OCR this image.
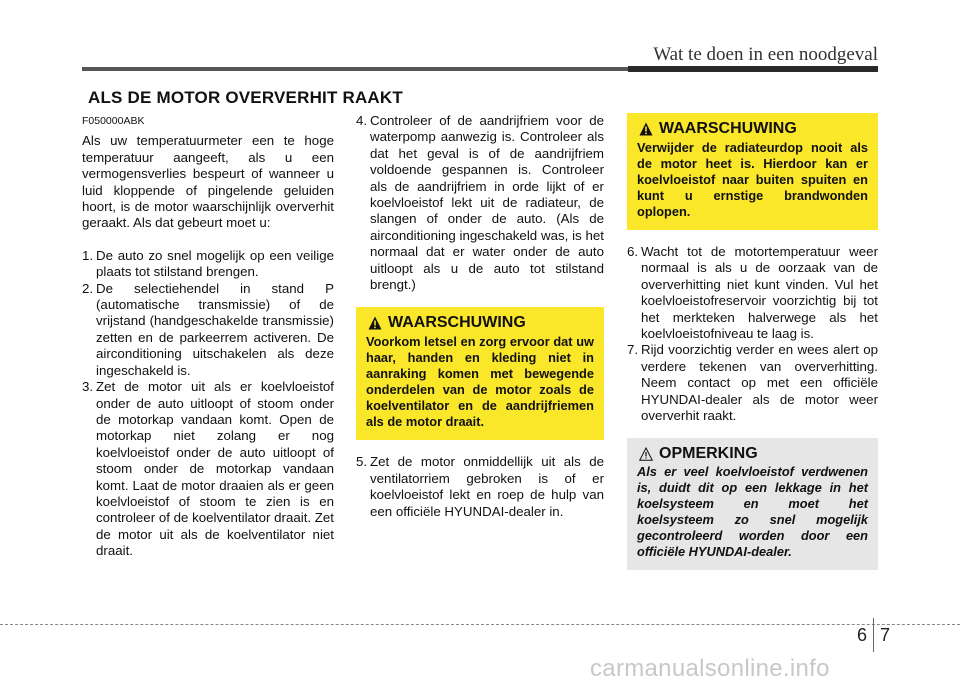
Wat te doen in een noodgeval
ALS DE MOTOR OVERVERHIT RAAKT
F050000ABK

Als uw temperatuurmeter een te hoge temperatuur aangeeft, als u een vermogensverlies bespeurt of wanneer u luid kloppende of pingelende geluiden hoort, is de motor waarschijnlijk oververhit geraakt. Als dat gebeurt moet u:

1. De auto zo snel mogelijk op een veilige plaats tot stilstand brengen.
2. De selectiehendel in stand P (automatische transmissie) of de vrijstand (handgeschakelde transmissie) zetten en de parkeerrem activeren. De airconditioning uitschakelen als deze ingeschakeld is.
3. Zet de motor uit als er koelvloeistof onder de auto uitloopt of stoom onder de motorkap vandaan komt. Open de motorkap niet zolang er nog koelvloeistof onder de auto uitloopt of stoom onder de motorkap vandaan komt. Laat de motor draaien als er geen koelvloeistof of stoom te zien is en controleer of de koelventilator draait. Zet de motor uit als de koelventilator niet draait.
4. Controleer of de aandrijfriem voor de waterpomp aanwezig is. Controleer als dat het geval is of de aandrijfriem voldoende gespannen is. Controleer als de aandrijfriem in orde lijkt of er koelvloeistof lekt uit de radiateur, de slangen of onder de auto. (Als de airconditioning ingeschakeld was, is het normaal dat er water onder de auto uitloopt als u de auto tot stilstand brengt.)
WAARSCHUWING
Voorkom letsel en zorg ervoor dat uw haar, handen en kleding niet in aanraking komen met bewegende onderdelen van de motor zoals de koelventilator en de aandrijfriemen als de motor draait.
5. Zet de motor onmiddellijk uit als de ventilatorriem gebroken is of er koelvloeistof lekt en roep de hulp van een officiële HYUNDAI-dealer in.
WAARSCHUWING
Verwijder de radiateurdop nooit als de motor heet is. Hierdoor kan er koelvloeistof naar buiten spuiten en kunt u ernstige brandwonden oplopen.
6. Wacht tot de motortemperatuur weer normaal is als u de oorzaak van de oververhitting niet kunt vinden. Vul het koelvloeistofreservoir voorzichtig bij tot het merkteken halverwege als het koelvloeistofniveau te laag is.
7. Rijd voorzichtig verder en wees alert op verdere tekenen van oververhitting. Neem contact op met een officiële HYUNDAI-dealer als de motor weer oververhit raakt.
OPMERKING
Als er veel koelvloeistof verdwenen is, duidt dit op een lekkage in het koelsysteem en moet het koelsysteem zo snel mogelijk gecontroleerd worden door een officiële HYUNDAI-dealer.
6 7
carmanualsonline.info
